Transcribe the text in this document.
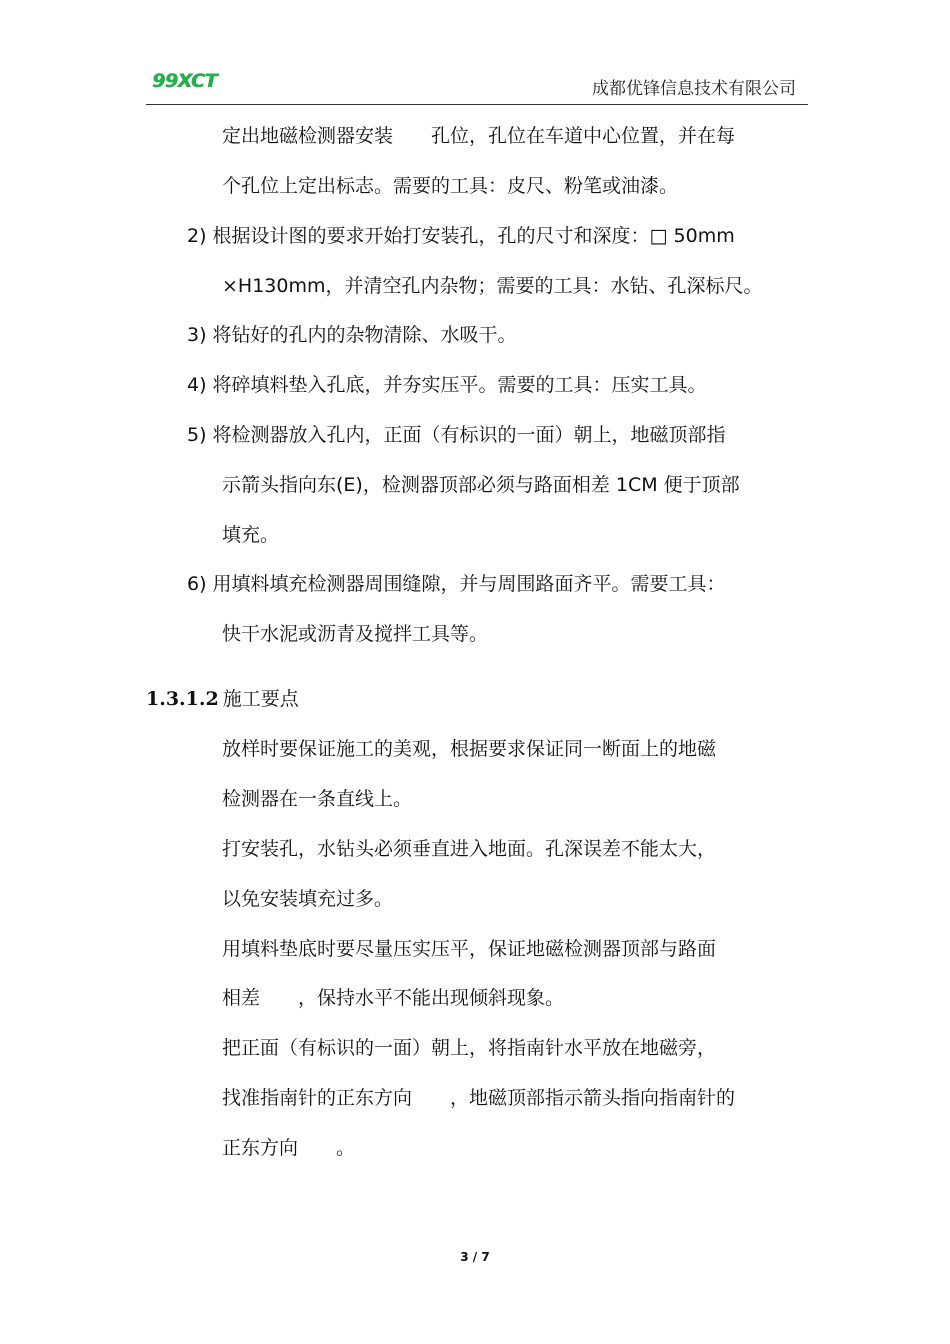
99XCT	成都优锋信息技术有限公司
定出地磁检测器安装　　孔位，孔位在车道中心位置，并在每
个孔位上定出标志。需要的工具：皮尺、粉笔或油漆。
2) 根据设计图的要求开始打安装孔，孔的尺寸和深度：□ 50mm
×H130mm，并清空孔内杂物；需要的工具：水钻、孔深标尺。
3) 将钻好的孔内的杂物清除、水吸干。
4) 将碎填料垫入孔底，并夯实压平。需要的工具：压实工具。
5) 将检测器放入孔内，正面（有标识的一面）朝上，地磁顶部指
示箭头指向东(E)，检测器顶部必须与路面相差 1CM 便于顶部
填充。
6) 用填料填充检测器周围缝隙，并与周围路面齐平。需要工具：
快干水泥或沥青及搅拌工具等。
1.3.1.2 施工要点
放样时要保证施工的美观，根据要求保证同一断面上的地磁
检测器在一条直线上。
打安装孔，水钻头必须垂直进入地面。孔深误差不能太大，
以免安装填充过多。
用填料垫底时要尽量压实压平，保证地磁检测器顶部与路面
相差　　，保持水平不能出现倾斜现象。
把正面（有标识的一面）朝上，将指南针水平放在地磁旁，
找准指南针的正东方向　　，地磁顶部指示箭头指向指南针的
正东方向　　。
3 / 7
